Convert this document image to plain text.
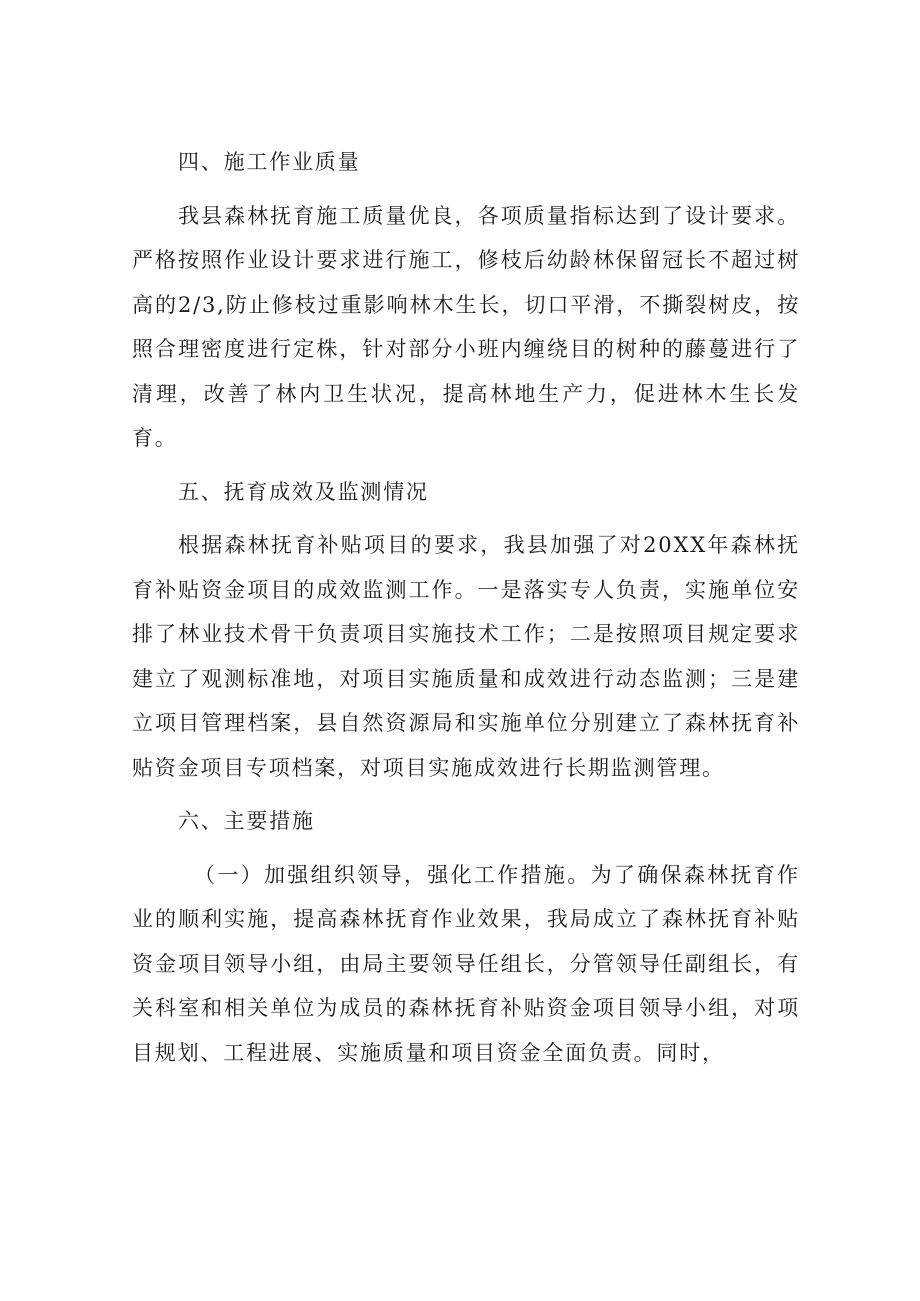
四、施工作业质量
我县森林抚育施工质量优良，各项质量指标达到了设计要求。严格按照作业设计要求进行施工，修枝后幼龄林保留冠长不超过树高的2/3,防止修枝过重影响林木生长，切口平滑，不撕裂树皮，按照合理密度进行定株，针对部分小班内缠绕目的树种的藤蔓进行了清理，改善了林内卫生状况，提高林地生产力，促进林木生长发育。
五、抚育成效及监测情况
根据森林抚育补贴项目的要求，我县加强了对20XX年森林抚育补贴资金项目的成效监测工作。一是落实专人负责，实施单位安排了林业技术骨干负责项目实施技术工作；二是按照项目规定要求建立了观测标准地，对项目实施质量和成效进行动态监测；三是建立项目管理档案，县自然资源局和实施单位分别建立了森林抚育补贴资金项目专项档案，对项目实施成效进行长期监测管理。
六、主要措施
（一）加强组织领导，强化工作措施。为了确保森林抚育作业的顺利实施，提高森林抚育作业效果，我局成立了森林抚育补贴资金项目领导小组，由局主要领导任组长，分管领导任副组长，有关科室和相关单位为成员的森林抚育补贴资金项目领导小组，对项目规划、工程进展、实施质量和项目资金全面负责。同时，
